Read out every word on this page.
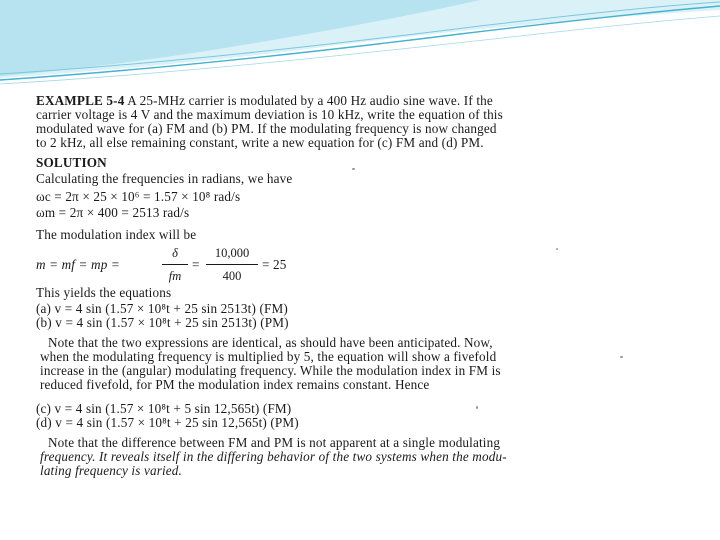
EXAMPLE 5-4 A 25-MHz carrier is modulated by a 400 Hz audio sine wave. If the
carrier voltage is 4 V and the maximum deviation is 10 kHz, write the equation of this
modulated wave for (a) FM and (b) PM. If the modulating frequency is now changed
to 2 kHz, all else remaining constant, write a new equation for (c) FM and (d) PM.
SOLUTION
Calculating the frequencies in radians, we have
ωc = 2π × 25 × 10⁶ = 1.57 × 10⁸ rad/s
ωm = 2π × 400 = 2513 rad/s
The modulation index will be
m = mf = mp =
δ
fm
=
10,000
400
= 25
This yields the equations
(a) v = 4 sin (1.57 × 10⁸t + 25 sin 2513t) (FM)
(b) v = 4 sin (1.57 × 10⁸t + 25 sin 2513t) (PM)
Note that the two expressions are identical, as should have been anticipated. Now,
when the modulating frequency is multiplied by 5, the equation will show a fivefold
increase in the (angular) modulating frequency. While the modulation index in FM is
reduced fivefold, for PM the modulation index remains constant. Hence
(c) v = 4 sin (1.57 × 10⁸t + 5 sin 12,565t) (FM)
(d) v = 4 sin (1.57 × 10⁸t + 25 sin 12,565t) (PM)
Note that the difference between FM and PM is not apparent at a single modulating
frequency. It reveals itself in the differing behavior of the two systems when the modu-
lating frequency is varied.
